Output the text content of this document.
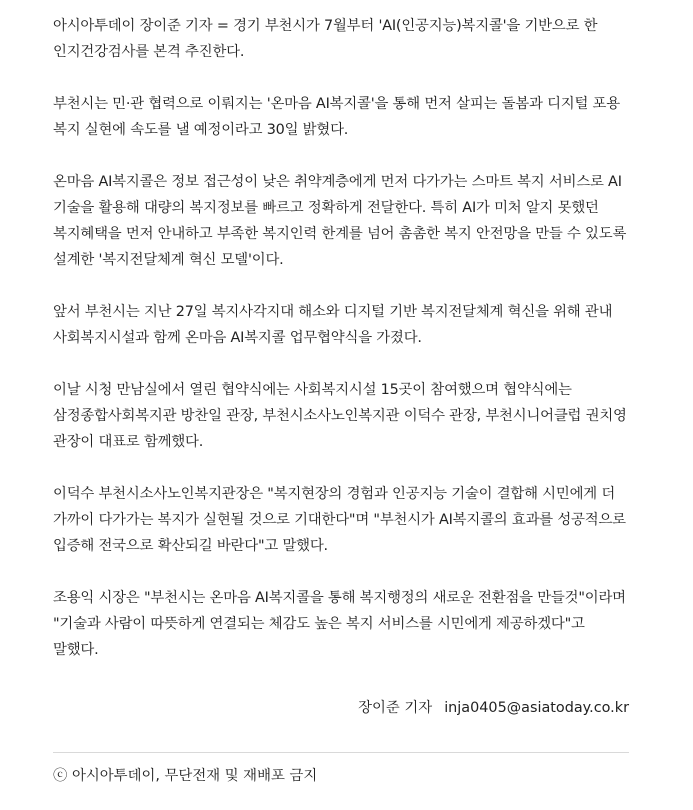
아시아투데이 장이준 기자 = 경기 부천시가 7월부터 'AI(인공지능)복지콜'을 기반으로 한 인지건강검사를 본격 추진한다.

부천시는 민·관 협력으로 이뤄지는 '온마음 AI복지콜'을 통해 먼저 살피는 돌봄과 디지털 포용 복지 실현에 속도를 낼 예정이라고 30일 밝혔다.

온마음 AI복지콜은 정보 접근성이 낮은 취약계층에게 먼저 다가가는 스마트 복지 서비스로 AI 기술을 활용해 대량의 복지정보를 빠르고 정확하게 전달한다. 특히 AI가 미처 알지 못했던 복지혜택을 먼저 안내하고 부족한 복지인력 한계를 넘어 촘촘한 복지 안전망을 만들 수 있도록 설계한 '복지전달체계 혁신 모델'이다.

앞서 부천시는 지난 27일 복지사각지대 해소와 디지털 기반 복지전달체계 혁신을 위해 관내 사회복지시설과 함께 온마음 AI복지콜 업무협약식을 가졌다.

이날 시청 만남실에서 열린 협약식에는 사회복지시설 15곳이 참여했으며 협약식에는 삼정종합사회복지관 방찬일 관장, 부천시소사노인복지관 이덕수 관장, 부천시니어클럽 권치영 관장이 대표로 함께했다.

이덕수 부천시소사노인복지관장은 "복지현장의 경험과 인공지능 기술이 결합해 시민에게 더 가까이 다가가는 복지가 실현될 것으로 기대한다"며 "부천시가 AI복지콜의 효과를 성공적으로 입증해 전국으로 확산되길 바란다"고 말했다.

조용익 시장은 "부천시는 온마음 AI복지콜을 통해 복지행정의 새로운 전환점을 만들것"이라며 "기술과 사람이 따뜻하게 연결되는 체감도 높은 복지 서비스를 시민에게 제공하겠다"고 말했다.

장이준 기자 inja0405@asiatoday.co.kr
ⓒ 아시아투데이, 무단전재 및 재배포 금지
